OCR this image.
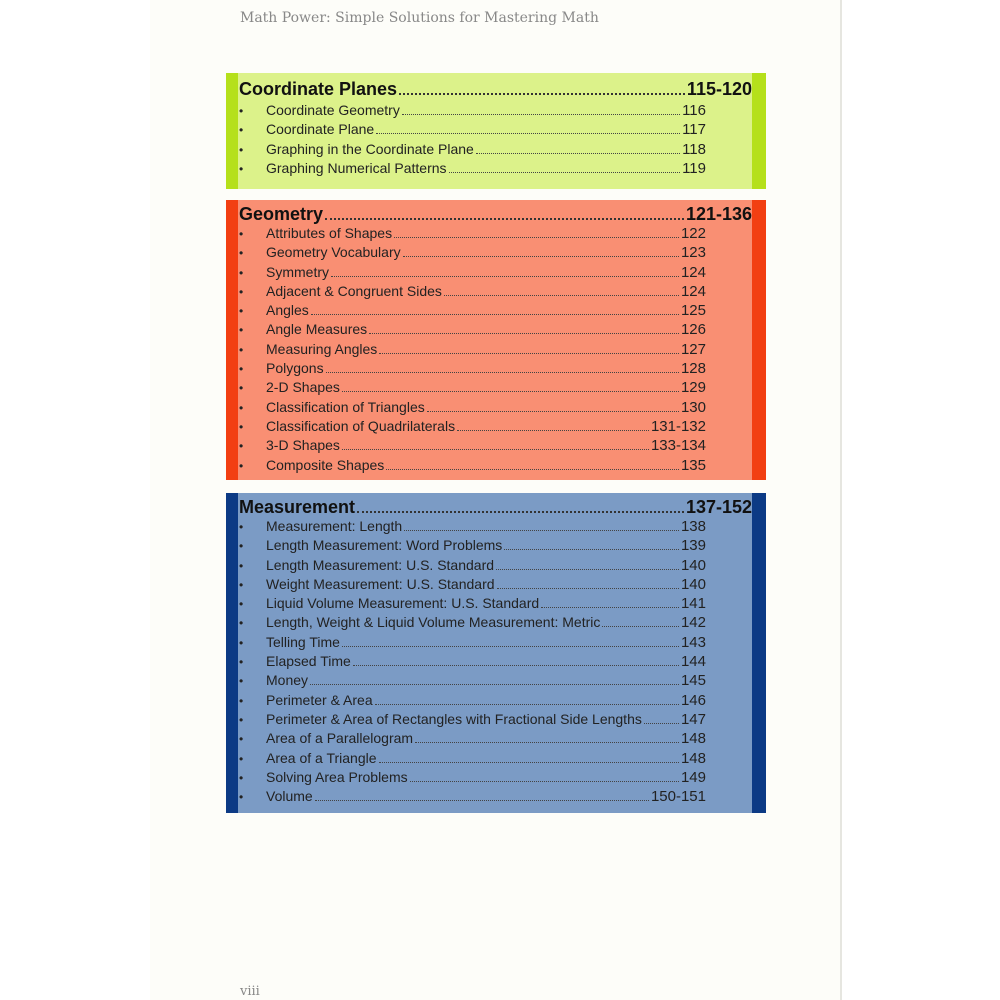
Math Power: Simple Solutions for Mastering Math
Coordinate Planes	115-120
•	Coordinate Geometry	116
•	Coordinate Plane	117
•	Graphing in the Coordinate Plane	118
•	Graphing Numerical Patterns	119
Geometry	121-136
•	Attributes of Shapes	122
•	Geometry Vocabulary	123
•	Symmetry	124
•	Adjacent & Congruent Sides	124
•	Angles	125
•	Angle Measures	126
•	Measuring Angles	127
•	Polygons	128
•	2-D Shapes	129
•	Classification of Triangles	130
•	Classification of Quadrilaterals	131-132
•	3-D Shapes	133-134
•	Composite Shapes	135
Measurement	137-152
•	Measurement: Length	138
•	Length Measurement: Word Problems	139
•	Length Measurement: U.S. Standard	140
•	Weight Measurement: U.S. Standard	140
•	Liquid Volume Measurement: U.S. Standard	141
•	Length, Weight & Liquid Volume Measurement: Metric	142
•	Telling Time	143
•	Elapsed Time	144
•	Money	145
•	Perimeter & Area	146
•	Perimeter & Area of Rectangles with Fractional Side Lengths	147
•	Area of a Parallelogram	148
•	Area of a Triangle	148
•	Solving Area Problems	149
•	Volume	150-151
viii
